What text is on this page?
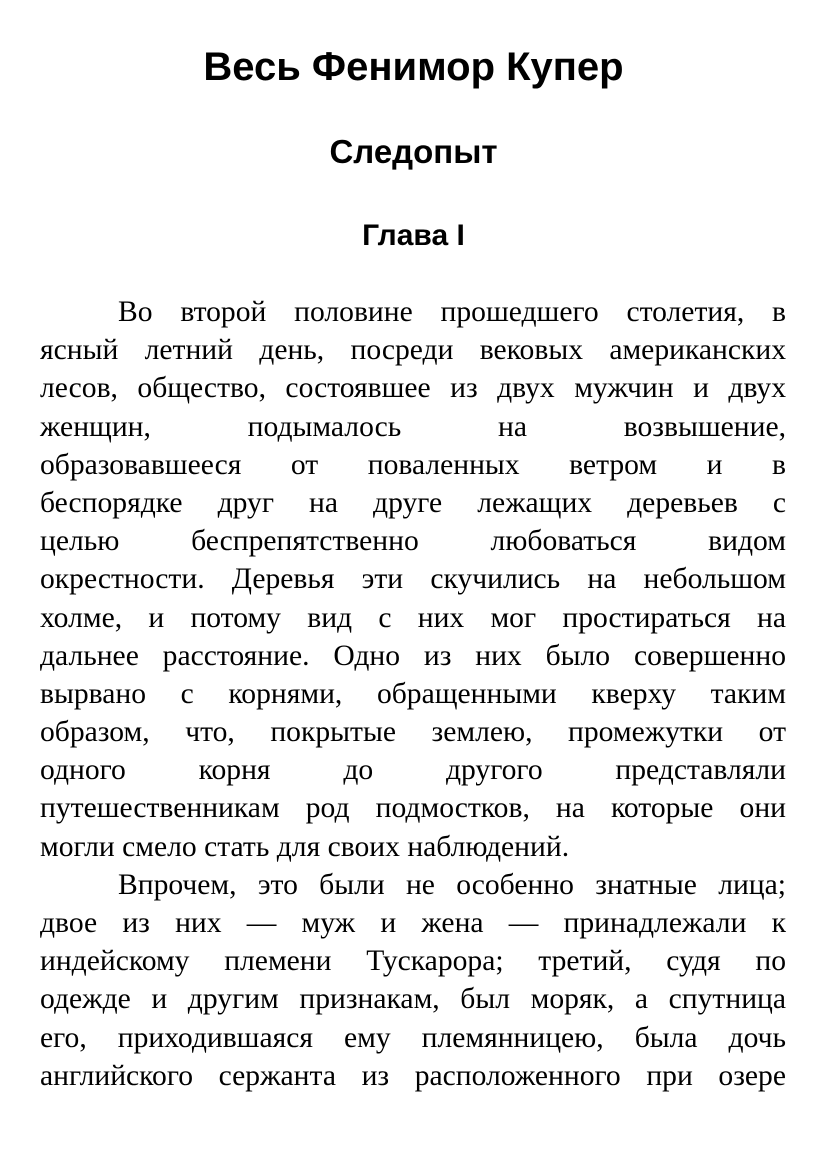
Весь Фенимор Купер
Следопыт
Глава I
Во второй половине прошедшего столетия, в
ясный летний день, посреди вековых американских
лесов, общество, состоявшее из двух мужчин и двух
женщин, подымалось на возвышение,
образовавшееся от поваленных ветром и в
беспорядке друг на друге лежащих деревьев с
целью беспрепятственно любоваться видом
окрестности. Деревья эти скучились на небольшом
холме, и потому вид с них мог простираться на
дальнее расстояние. Одно из них было совершенно
вырвано с корнями, обращенными кверху таким
образом, что, покрытые землею, промежутки от
одного корня до другого представляли
путешественникам род подмостков, на которые они
могли смело стать для своих наблюдений.
Впрочем, это были не особенно знатные лица;
двое из них — муж и жена — принадлежали к
индейскому племени Тускарора; третий, судя по
одежде и другим признакам, был моряк, а спутница
его, приходившаяся ему племянницею, была дочь
английского сержанта из расположенного при озере
